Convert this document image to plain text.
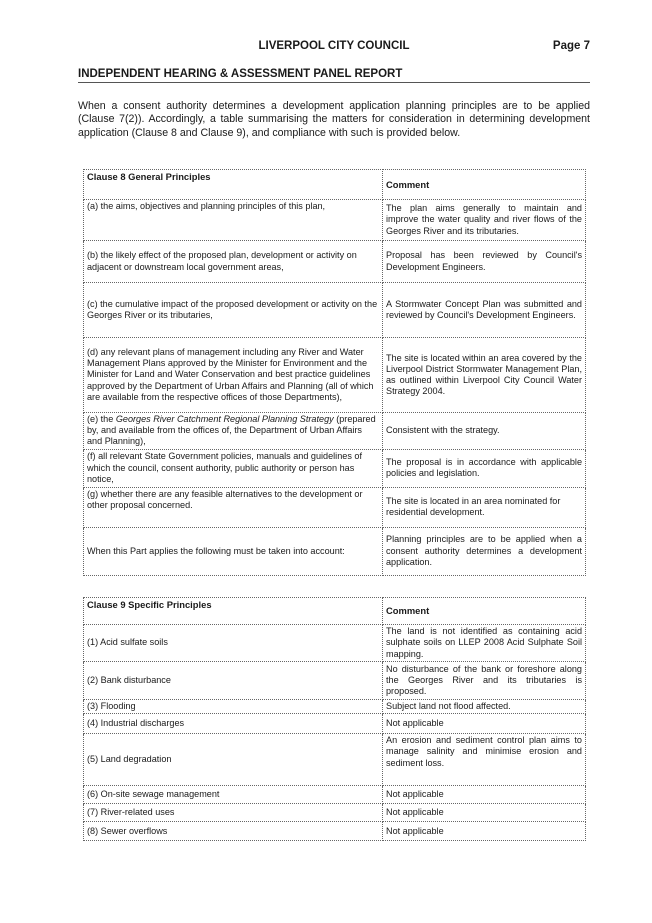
LIVERPOOL CITY COUNCIL	Page 7
INDEPENDENT HEARING & ASSESSMENT PANEL REPORT
When a consent authority determines a development application planning principles are to be applied (Clause 7(2)). Accordingly, a table summarising the matters for consideration in determining development application (Clause 8 and Clause 9), and compliance with such is provided below.
Clause 8 General Principles	Comment
(a) the aims, objectives and planning principles of this plan,	The plan aims generally to maintain and improve the water quality and river flows of the Georges River and its tributaries.
(b) the likely effect of the proposed plan, development or activity on adjacent or downstream local government areas,	Proposal has been reviewed by Council's Development Engineers.
(c) the cumulative impact of the proposed development or activity on the Georges River or its tributaries,	A Stormwater Concept Plan was submitted and reviewed by Council's Development Engineers.
(d) any relevant plans of management including any River and Water Management Plans approved by the Minister for Environment and the Minister for Land and Water Conservation and best practice guidelines approved by the Department of Urban Affairs and Planning (all of which are available from the respective offices of those Departments),	The site is located within an area covered by the Liverpool District Stormwater Management Plan, as outlined within Liverpool City Council Water Strategy 2004.
(e) the Georges River Catchment Regional Planning Strategy (prepared by, and available from the offices of, the Department of Urban Affairs and Planning),	Consistent with the strategy.
(f) all relevant State Government policies, manuals and guidelines of which the council, consent authority, public authority or person has notice,	The proposal is in accordance with applicable policies and legislation.
(g) whether there are any feasible alternatives to the development or other proposal concerned.	The site is located in an area nominated for residential development.
When this Part applies the following must be taken into account:	Planning principles are to be applied when a consent authority determines a development application.
Clause 9 Specific Principles	Comment
(1) Acid sulfate soils	The land is not identified as containing acid sulphate soils on LLEP 2008 Acid Sulphate Soil mapping.
(2) Bank disturbance	No disturbance of the bank or foreshore along the Georges River and its tributaries is proposed.
(3) Flooding	Subject land not flood affected.
(4) Industrial discharges	Not applicable
(5) Land degradation	An erosion and sediment control plan aims to manage salinity and minimise erosion and sediment loss.
(6) On-site sewage management	Not applicable
(7) River-related uses	Not applicable
(8) Sewer overflows	Not applicable
